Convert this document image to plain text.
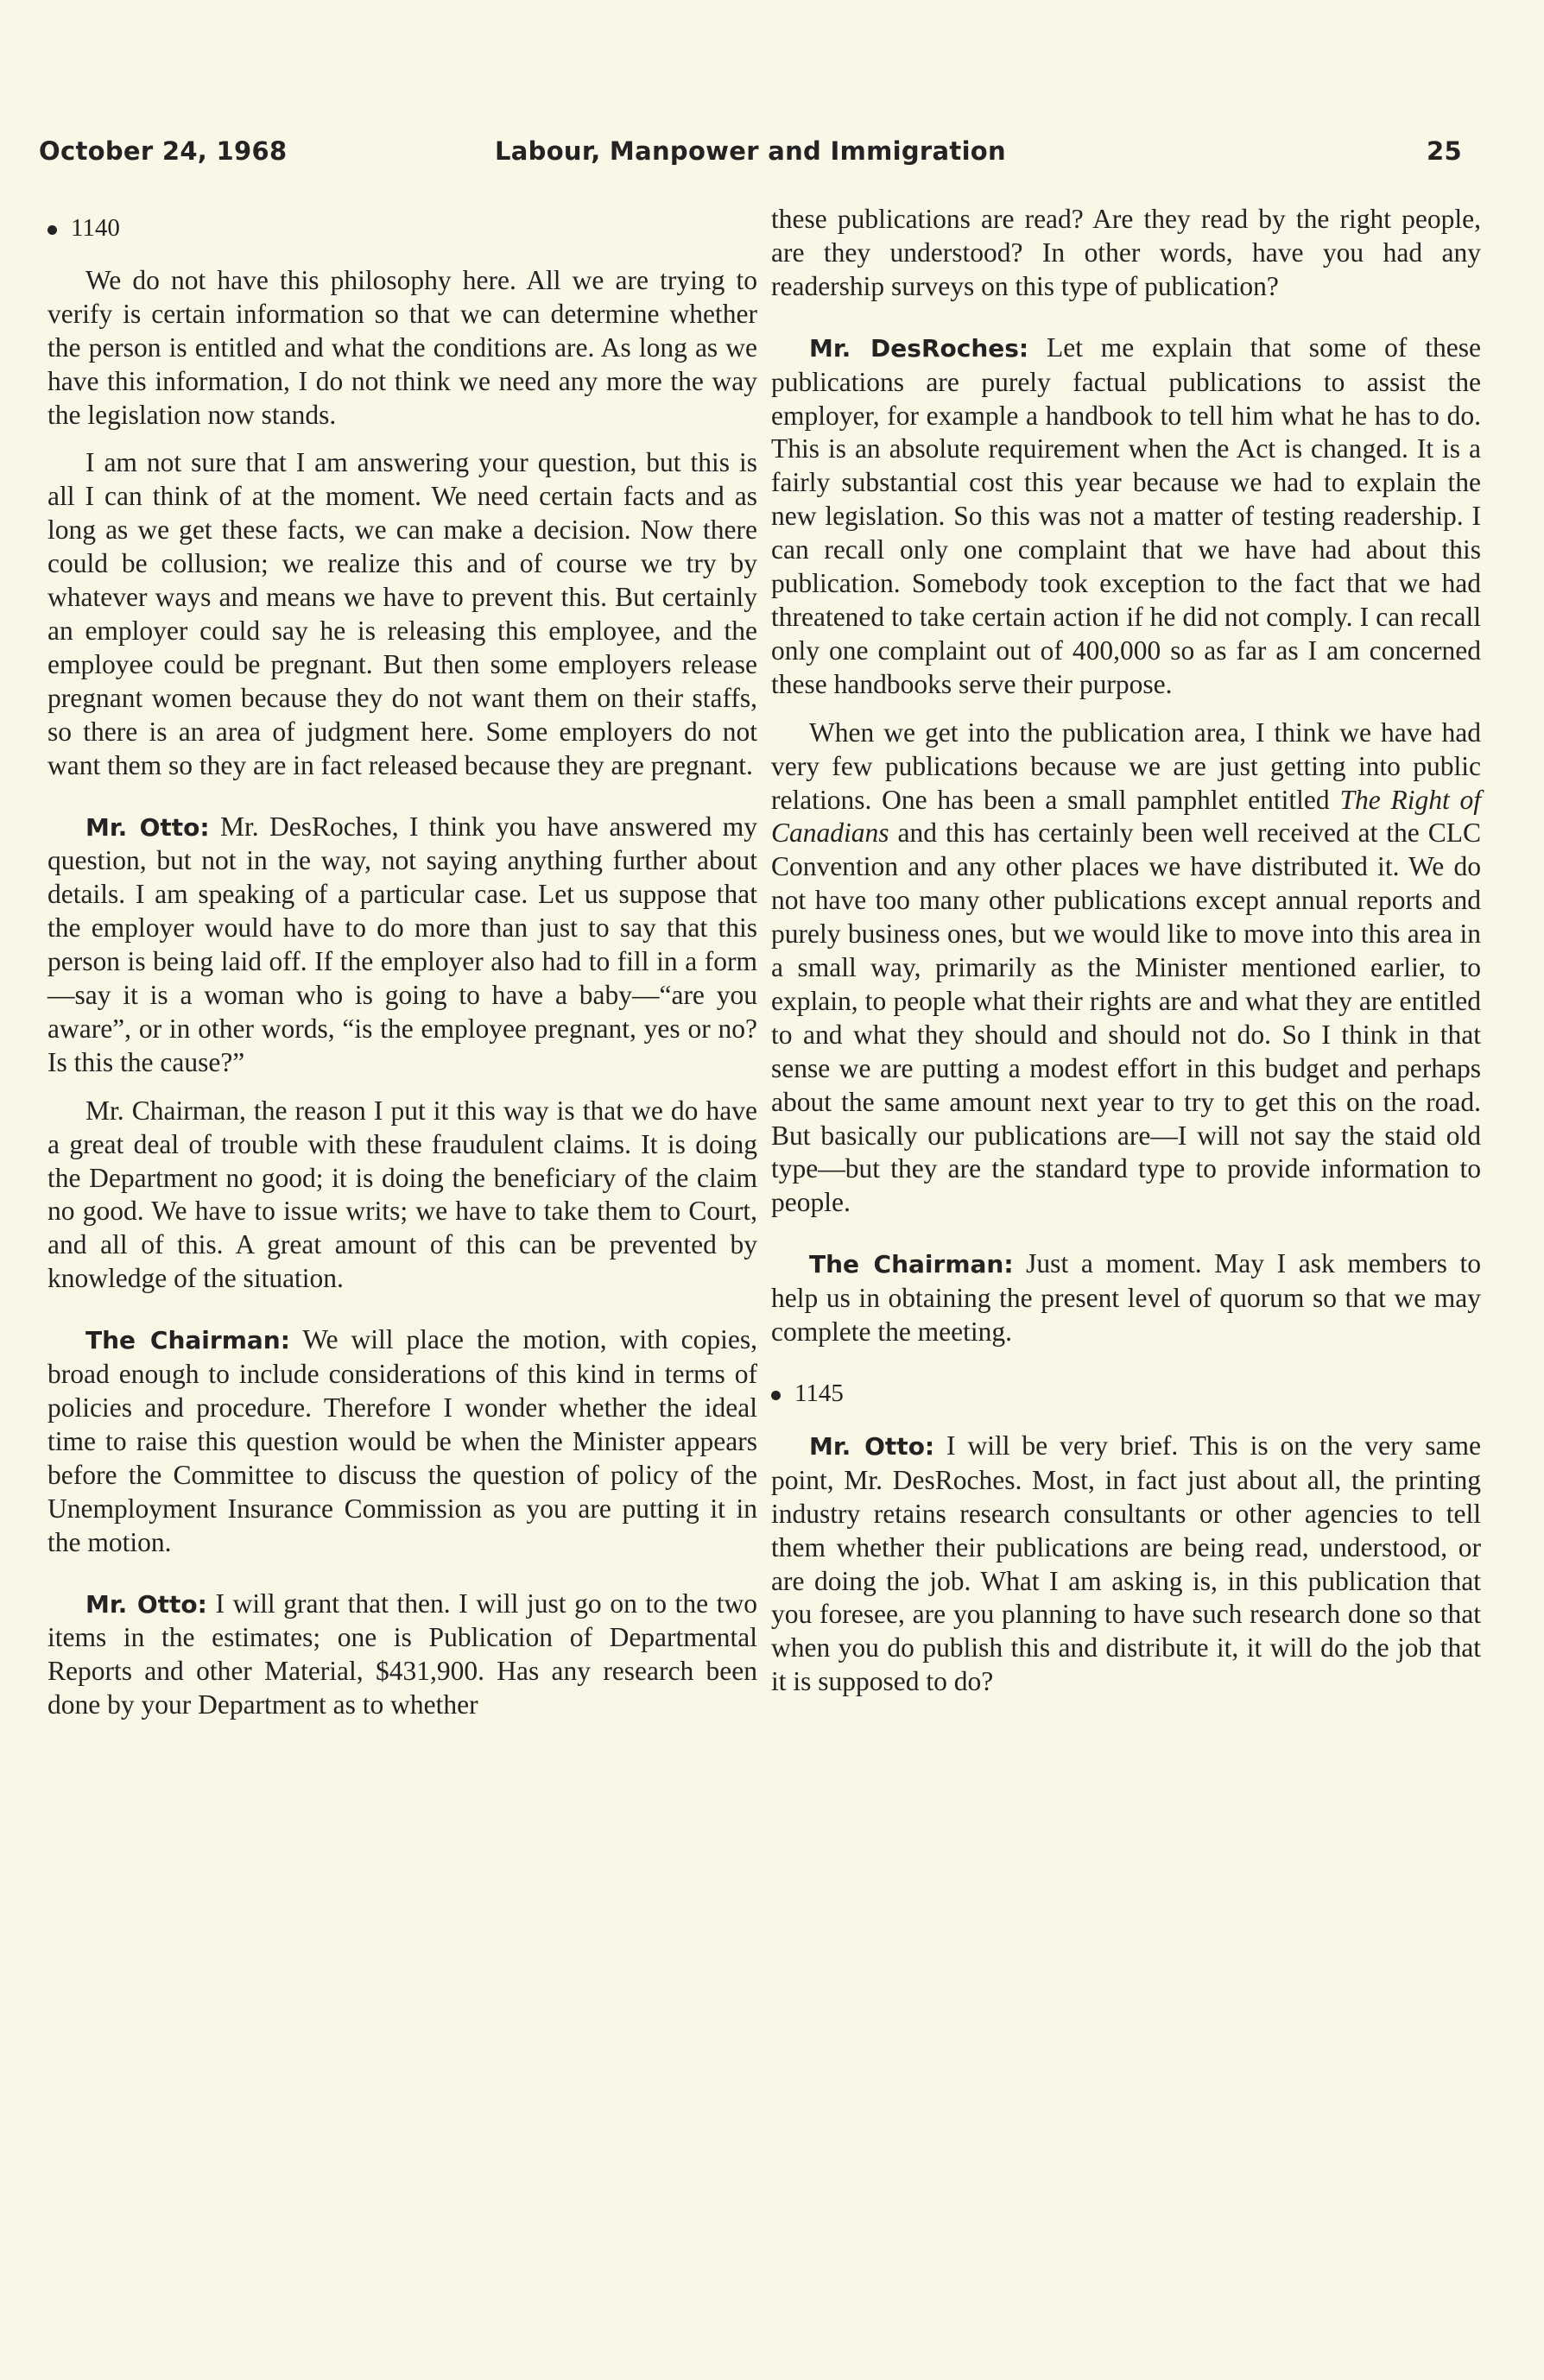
October 24, 1968	Labour, Manpower and Immigration	25
1140

We do not have this philosophy here. All we are trying to verify is certain information so that we can determine whether the person is entitled and what the conditions are. As long as we have this information, I do not think we need any more the way the legislation now stands.

I am not sure that I am answering your question, but this is all I can think of at the moment. We need certain facts and as long as we get these facts, we can make a decision. Now there could be collusion; we realize this and of course we try by whatever ways and means we have to prevent this. But certainly an employer could say he is releasing this employee, and the employee could be pregnant. But then some employers release pregnant women because they do not want them on their staffs, so there is an area of judgment here. Some employers do not want them so they are in fact released because they are pregnant.

Mr. Otto: Mr. DesRoches, I think you have answered my question, but not in the way, not saying anything further about details. I am speaking of a particular case. Let us suppose that the employer would have to do more than just to say that this person is being laid off. If the employer also had to fill in a form —say it is a woman who is going to have a baby—“are you aware”, or in other words, “is the employee pregnant, yes or no? Is this the cause?”

Mr. Chairman, the reason I put it this way is that we do have a great deal of trouble with these fraudulent claims. It is doing the Department no good; it is doing the beneficiary of the claim no good. We have to issue writs; we have to take them to Court, and all of this. A great amount of this can be prevented by knowledge of the situation.

The Chairman: We will place the motion, with copies, broad enough to include considerations of this kind in terms of policies and procedure. Therefore I wonder whether the ideal time to raise this question would be when the Minister appears before the Committee to discuss the question of policy of the Unemployment Insurance Commission as you are putting it in the motion.

Mr. Otto: I will grant that then. I will just go on to the two items in the estimates; one is Publication of Departmental Reports and other Material, $431,900. Has any research been done by your Department as to whether

these publications are read? Are they read by the right people, are they understood? In other words, have you had any readership surveys on this type of publication?

Mr. DesRoches: Let me explain that some of these publications are purely factual publications to assist the employer, for example a handbook to tell him what he has to do. This is an absolute requirement when the Act is changed. It is a fairly substantial cost this year because we had to explain the new legislation. So this was not a matter of testing readership. I can recall only one complaint that we have had about this publication. Somebody took exception to the fact that we had threatened to take certain action if he did not comply. I can recall only one complaint out of 400,000 so as far as I am concerned these handbooks serve their purpose.

When we get into the publication area, I think we have had very few publications because we are just getting into public relations. One has been a small pamphlet entitled The Right of Canadians and this has certainly been well received at the CLC Convention and any other places we have distributed it. We do not have too many other publications except annual reports and purely business ones, but we would like to move into this area in a small way, primarily as the Minister mentioned earlier, to explain, to people what their rights are and what they are entitled to and what they should and should not do. So I think in that sense we are putting a modest effort in this budget and perhaps about the same amount next year to try to get this on the road. But basically our publications are—I will not say the staid old type—but they are the standard type to provide information to people.

The Chairman: Just a moment. May I ask members to help us in obtaining the present level of quorum so that we may complete the meeting.

1145

Mr. Otto: I will be very brief. This is on the very same point, Mr. DesRoches. Most, in fact just about all, the printing industry retains research consultants or other agencies to tell them whether their publications are being read, understood, or are doing the job. What I am asking is, in this publication that you foresee, are you planning to have such research done so that when you do publish this and distribute it, it will do the job that it is supposed to do?
